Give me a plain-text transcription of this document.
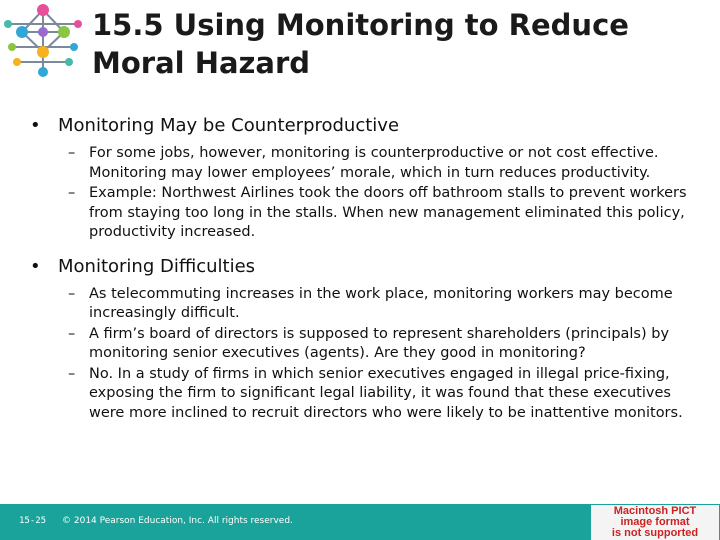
15.5 Using Monitoring to Reduce Moral Hazard
• Monitoring May be Counterproductive
– For some jobs, however, monitoring is counterproductive or not cost effective. Monitoring may lower employees’ morale, which in turn reduces productivity.
– Example: Northwest Airlines took the doors off bathroom stalls to prevent workers from staying too long in the stalls. When new management eliminated this policy, productivity increased.
• Monitoring Difficulties
– As telecommuting increases in the work place, monitoring workers may become increasingly difficult.
– A firm’s board of directors is supposed to represent shareholders (principals) by monitoring senior executives (agents). Are they good in monitoring?
– No. In a study of firms in which senior executives engaged in illegal price-fixing, exposing the firm to significant legal liability, it was found that these executives were more inclined to recruit directors who were likely to be inattentive monitors.
15-25 © 2014 Pearson Education, Inc. All rights reserved.
Macintosh PICT
image format
is not supported
